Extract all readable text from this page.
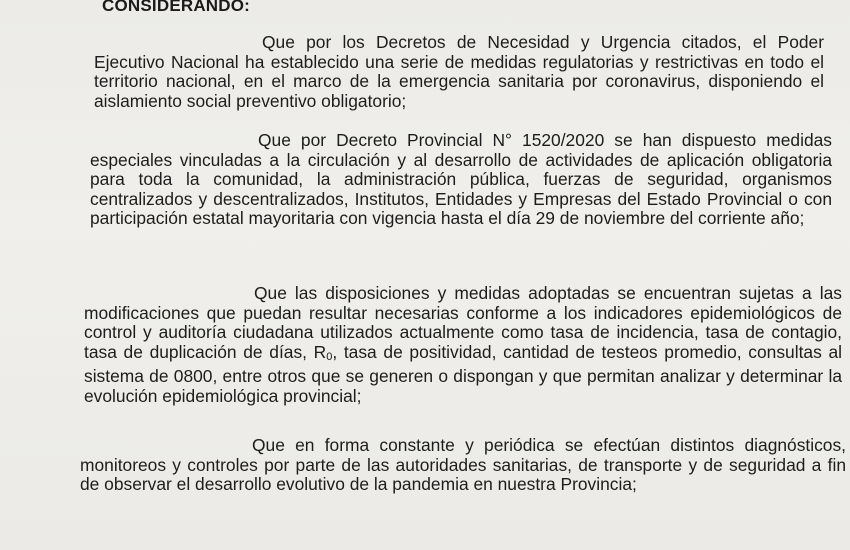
CONSIDERANDO:

Que por los Decretos de Necesidad y Urgencia citados, el Poder Ejecutivo Nacional ha establecido una serie de medidas regulatorias y restrictivas en todo el territorio nacional, en el marco de la emergencia sanitaria por coronavirus, disponiendo el aislamiento social preventivo obligatorio;

Que por Decreto Provincial N° 1520/2020 se han dispuesto medidas especiales vinculadas a la circulación y al desarrollo de actividades de aplicación obligatoria para toda la comunidad, la administración pública, fuerzas de seguridad, organismos centralizados y descentralizados, Institutos, Entidades y Empresas del Estado Provincial o con participación estatal mayoritaria con vigencia hasta el día 29 de noviembre del corriente año;

Que las disposiciones y medidas adoptadas se encuentran sujetas a las modificaciones que puedan resultar necesarias conforme a los indicadores epidemiológicos de control y auditoría ciudadana utilizados actualmente como tasa de incidencia, tasa de contagio, tasa de duplicación de días, $R_0$, tasa de positividad, cantidad de testeos promedio, consultas al sistema de 0800, entre otros que se generen o dispongan y que permitan analizar y determinar la evolución epidemiológica provincial;

Que en forma constante y periódica se efectúan distintos diagnósticos, monitoreos y controles por parte de las autoridades sanitarias, de transporte y de seguridad a fin de observar el desarrollo evolutivo de la pandemia en nuestra Provincia;
